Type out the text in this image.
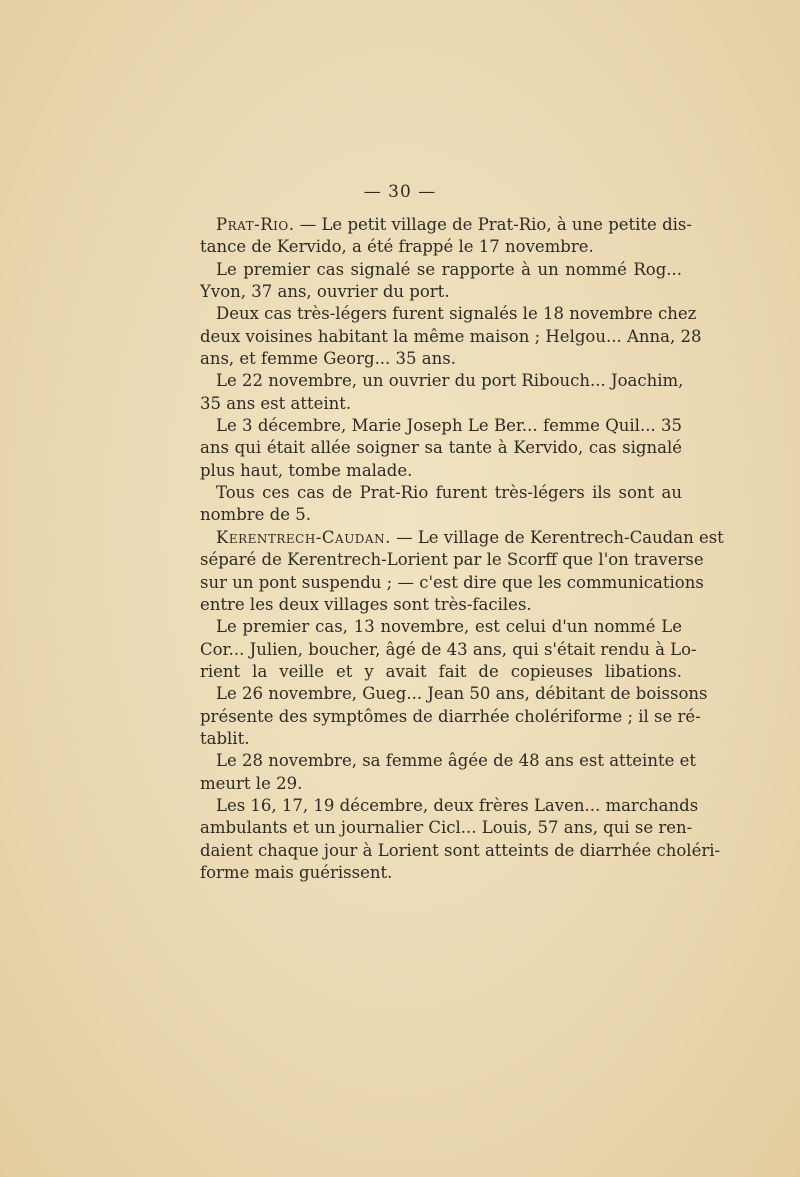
— 30 —
Prat-Rio. — Le petit village de Prat-Rio, à une petite dis-
tance de Kervido, a été frappé le 17 novembre.
Le premier cas signalé se rapporte à un nommé Rog...
Yvon, 37 ans, ouvrier du port.
Deux cas très-légers furent signalés le 18 novembre chez
deux voisines habitant la même maison ; Helgou... Anna, 28
ans, et femme Georg... 35 ans.
Le 22 novembre, un ouvrier du port Ribouch... Joachim,
35 ans est atteint.
Le 3 décembre, Marie Joseph Le Ber... femme Quil... 35
ans qui était allée soigner sa tante à Kervido, cas signalé
plus haut, tombe malade.
Tous ces cas de Prat-Rio furent très-légers ils sont au
nombre de 5.
Kerentrech-Caudan. — Le village de Kerentrech-Caudan est
séparé de Kerentrech-Lorient par le Scorff que l'on traverse
sur un pont suspendu ; — c'est dire que les communications
entre les deux villages sont très-faciles.
Le premier cas, 13 novembre, est celui d'un nommé Le
Cor... Julien, boucher, âgé de 43 ans, qui s'était rendu à Lo-
rient la veille et y avait fait de copieuses libations.
Le 26 novembre, Gueg... Jean 50 ans, débitant de boissons
présente des symptômes de diarrhée cholériforme ; il se ré-
tablit.
Le 28 novembre, sa femme âgée de 48 ans est atteinte et
meurt le 29.
Les 16, 17, 19 décembre, deux frères Laven... marchands
ambulants et un journalier Cicl... Louis, 57 ans, qui se ren-
daient chaque jour à Lorient sont atteints de diarrhée choléri-
forme mais guérissent.
